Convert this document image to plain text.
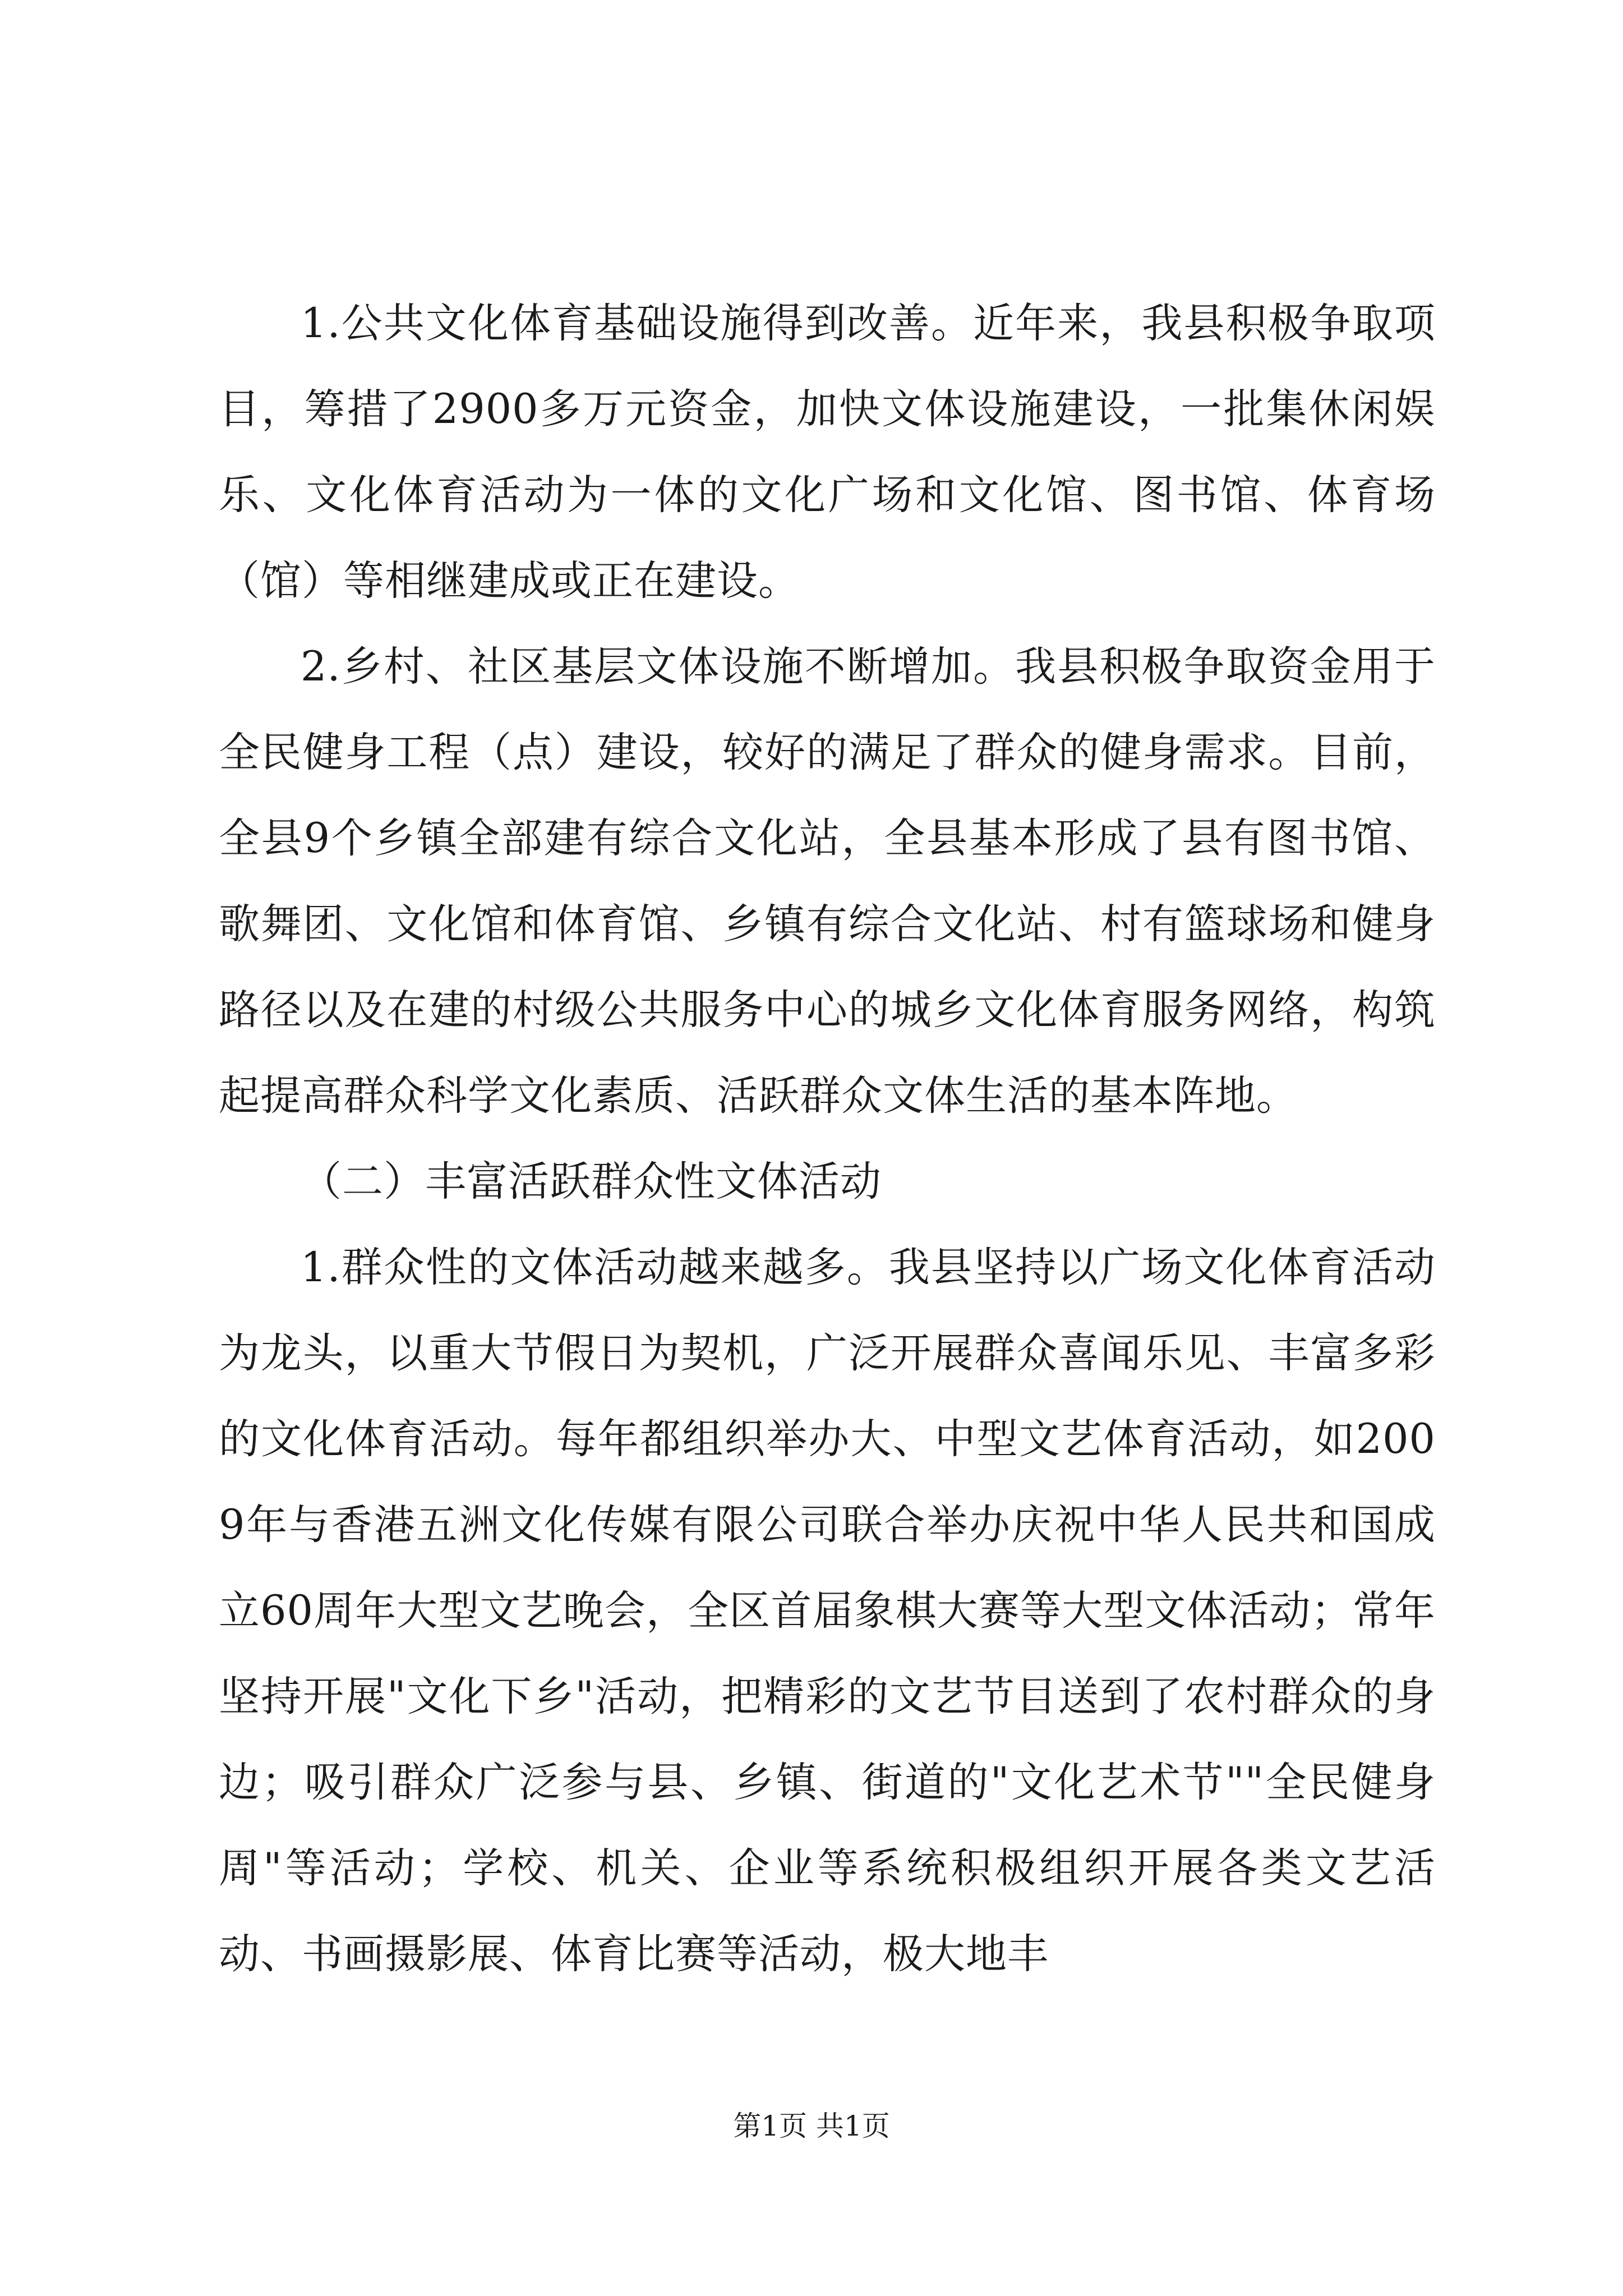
1.公共文化体育基础设施得到改善。近年来，我县积极争取项目，筹措了2900多万元资金，加快文体设施建设，一批集休闲娱乐、文化体育活动为一体的文化广场和文化馆、图书馆、体育场（馆）等相继建成或正在建设。

2.乡村、社区基层文体设施不断增加。我县积极争取资金用于全民健身工程（点）建设，较好的满足了群众的健身需求。目前，全县9个乡镇全部建有综合文化站，全县基本形成了县有图书馆、歌舞团、文化馆和体育馆、乡镇有综合文化站、村有篮球场和健身路径以及在建的村级公共服务中心的城乡文化体育服务网络，构筑起提高群众科学文化素质、活跃群众文体生活的基本阵地。

（二）丰富活跃群众性文体活动

1.群众性的文体活动越来越多。我县坚持以广场文化体育活动为龙头，以重大节假日为契机，广泛开展群众喜闻乐见、丰富多彩的文化体育活动。每年都组织举办大、中型文艺体育活动，如2009年与香港五洲文化传媒有限公司联合举办庆祝中华人民共和国成立60周年大型文艺晚会，全区首届象棋大赛等大型文体活动；常年坚持开展"文化下乡"活动，把精彩的文艺节目送到了农村群众的身边；吸引群众广泛参与县、乡镇、街道的"文化艺术节""全民健身周"等活动；学校、机关、企业等系统积极组织开展各类文艺活动、书画摄影展、体育比赛等活动，极大地丰

第1页 共1页
